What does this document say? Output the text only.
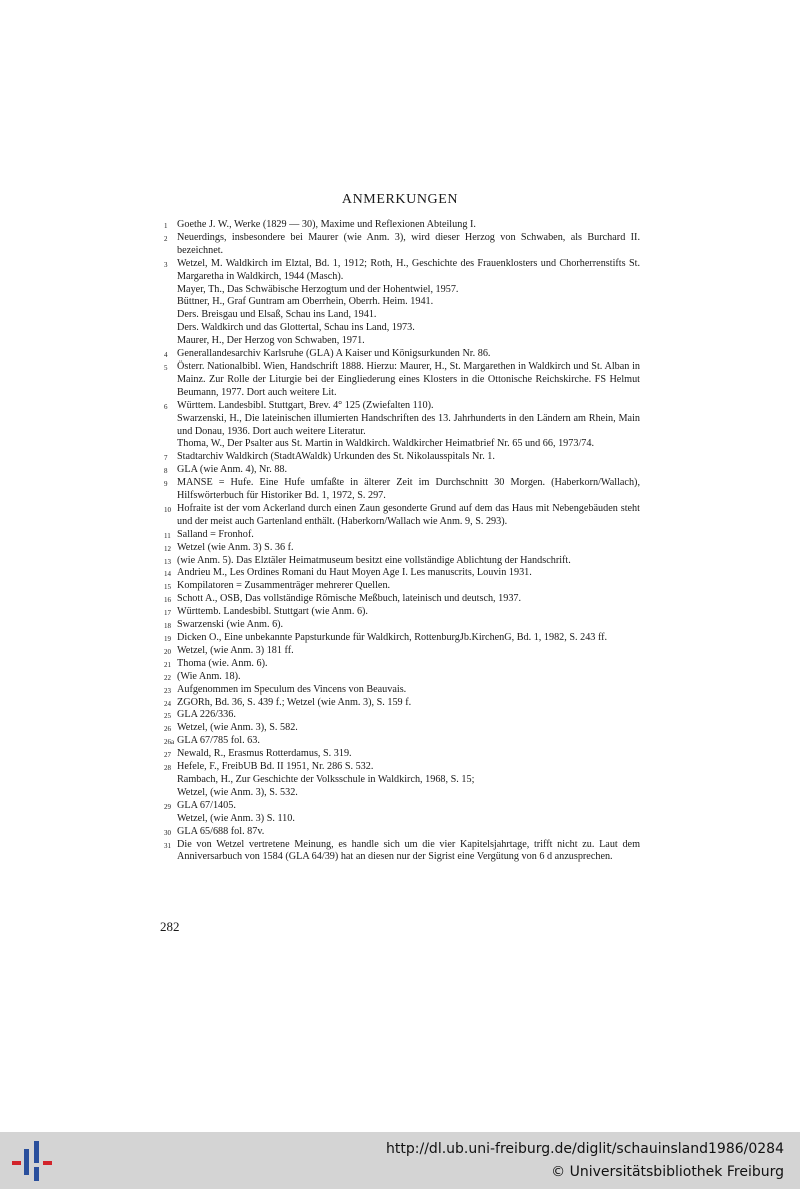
ANMERKUNGEN
1 Goethe J. W., Werke (1829 — 30), Maxime und Reflexionen Abteilung I.
2 Neuerdings, insbesondere bei Maurer (wie Anm. 3), wird dieser Herzog von Schwaben, als Burchard II. bezeichnet.
3 Wetzel, M. Waldkirch im Elztal, Bd. 1, 1912; Roth, H., Geschichte des Frauenklosters und Chorherrenstifts St. Margaretha in Waldkirch, 1944 (Masch).
Mayer, Th., Das Schwäbische Herzogtum und der Hohentwiel, 1957.
Büttner, H., Graf Guntram am Oberrhein, Oberrh. Heim. 1941.
Ders. Breisgau und Elsaß, Schau ins Land, 1941.
Ders. Waldkirch und das Glottertal, Schau ins Land, 1973.
Maurer, H., Der Herzog von Schwaben, 1971.
4 Generallandesarchiv Karlsruhe (GLA) A Kaiser und Königsurkunden Nr. 86.
5 Österr. Nationalbibl. Wien, Handschrift 1888. Hierzu: Maurer, H., St. Margarethen in Waldkirch und St. Alban in Mainz. Zur Rolle der Liturgie bei der Eingliederung eines Klosters in die Ottonische Reichskirche. FS Helmut Beumann, 1977. Dort auch weitere Lit.
6 Württem. Landesbibl. Stuttgart, Brev. 4° 125 (Zwiefalten 110).
Swarzenski, H., Die lateinischen illumierten Handschriften des 13. Jahrhunderts in den Ländern am Rhein, Main und Donau, 1936. Dort auch weitere Literatur.
Thoma, W., Der Psalter aus St. Martin in Waldkirch. Waldkircher Heimatbrief Nr. 65 und 66, 1973/74.
7 Stadtarchiv Waldkirch (StadtAWaldk) Urkunden des St. Nikolausspitals Nr. 1.
8 GLA (wie Anm. 4), Nr. 88.
9 MANSE = Hufe. Eine Hufe umfaßte in älterer Zeit im Durchschnitt 30 Morgen. (Haberkorn/Wallach), Hilfswörterbuch für Historiker Bd. 1, 1972, S. 297.
10 Hofraite ist der vom Ackerland durch einen Zaun gesonderte Grund auf dem das Haus mit Nebengebäuden steht und der meist auch Gartenland enthält. (Haberkorn/Wallach wie Anm. 9, S. 293).
11 Salland = Fronhof.
12 Wetzel (wie Anm. 3) S. 36 f.
13 (wie Anm. 5). Das Elztäler Heimatmuseum besitzt eine vollständige Ablichtung der Handschrift.
14 Andrieu M., Les Ordines Romani du Haut Moyen Age I. Les manuscrits, Louvin 1931.
15 Kompilatoren = Zusammenträger mehrerer Quellen.
16 Schott A., OSB, Das vollständige Römische Meßbuch, lateinisch und deutsch, 1937.
17 Württemb. Landesbibl. Stuttgart (wie Anm. 6).
18 Swarzenski (wie Anm. 6).
19 Dicken O., Eine unbekannte Papsturkunde für Waldkirch, RottenburgJb.KirchenG, Bd. 1, 1982, S. 243 ff.
20 Wetzel, (wie Anm. 3) 181 ff.
21 Thoma (wie. Anm. 6).
22 (Wie Anm. 18).
23 Aufgenommen im Speculum des Vincens von Beauvais.
24 ZGORh, Bd. 36, S. 439 f.; Wetzel (wie Anm. 3), S. 159 f.
25 GLA 226/336.
26 Wetzel, (wie Anm. 3), S. 582.
26a GLA 67/785 fol. 63.
27 Newald, R., Erasmus Rotterdamus, S. 319.
28 Hefele, F., FreibUB Bd. II 1951, Nr. 286 S. 532.
Rambach, H., Zur Geschichte der Volksschule in Waldkirch, 1968, S. 15;
Wetzel, (wie Anm. 3), S. 532.
29 GLA 67/1405.
Wetzel, (wie Anm. 3) S. 110.
30 GLA 65/688 fol. 87v.
31 Die von Wetzel vertretene Meinung, es handle sich um die vier Kapitelsjahrtage, trifft nicht zu. Laut dem Anniversarbuch von 1584 (GLA 64/39) hat an diesen nur der Sigrist eine Vergütung von 6 d anzusprechen.
282
http://dl.ub.uni-freiburg.de/diglit/schauinsland1986/0284
© Universitätsbibliothek Freiburg
